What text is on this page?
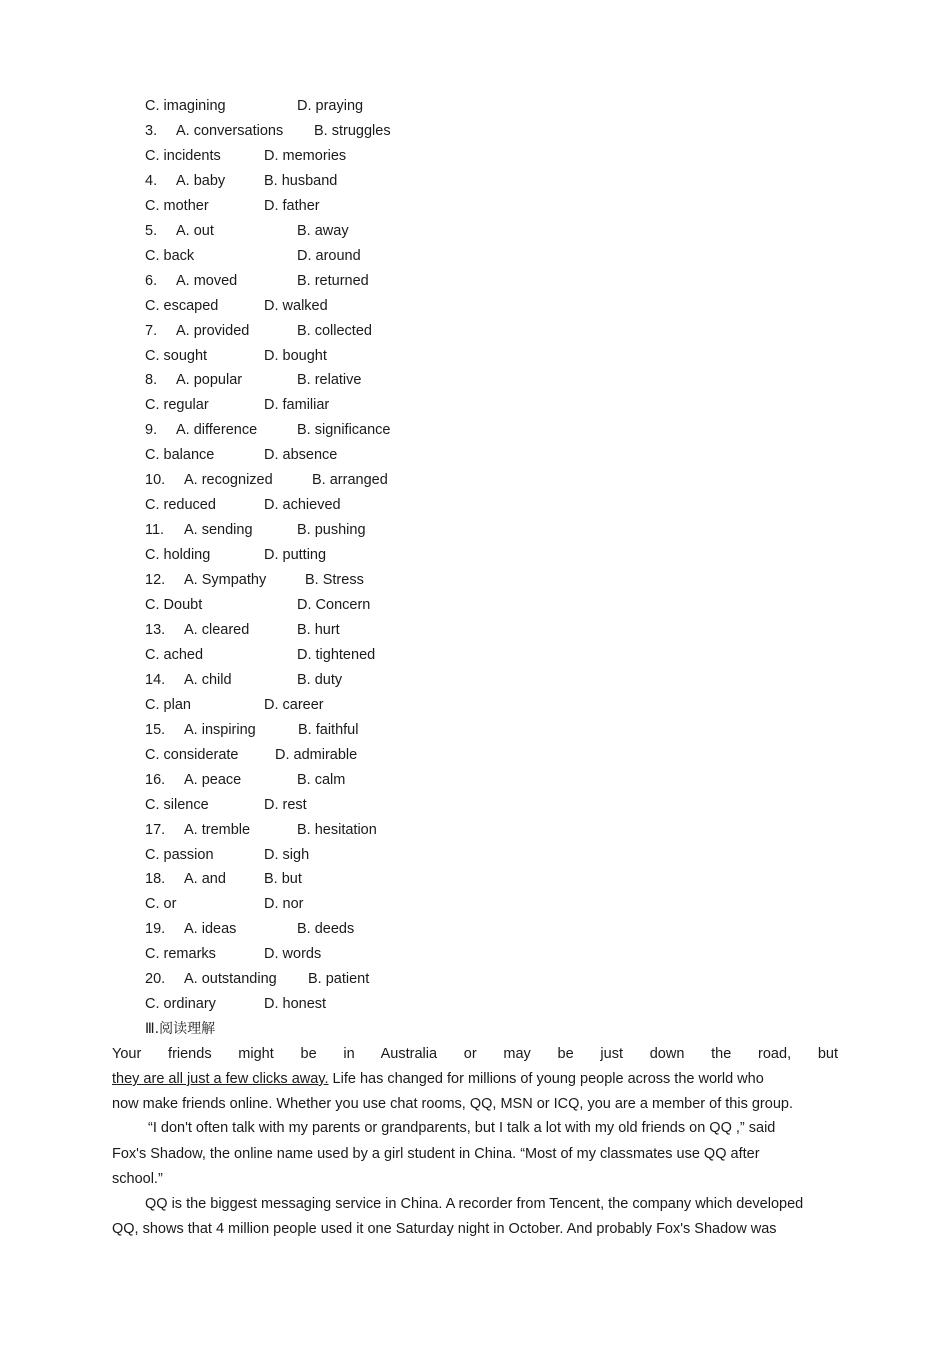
C. imagining	D. praying
3. A. conversations B. struggles
C. incidents	D. memories
4. A. baby	B. husband
C. mother	D. father
5. A. out	B. away
C. back	D. around
6. A. moved	B. returned
C. escaped	D. walked
7. A. provided	B. collected
C. sought	D. bought
8. A. popular	B. relative
C. regular	D. familiar
9. A. difference	B. significance
C. balance	D. absence
10. A. recognized	B. arranged
C. reduced	D. achieved
11. A. sending	B. pushing
C. holding	D. putting
12. A. Sympathy	B. Stress
C. Doubt	D. Concern
13. A. cleared	B. hurt
C. ached	D. tightened
14. A. child	B. duty
C. plan	D. career
15. A. inspiring	B. faithful
C. considerate	D. admirable
16. A. peace	B. calm
C. silence	D. rest
17. A. tremble	B. hesitation
C. passion	D. sigh
18. A. and	B. but
C. or	D. nor
19. A. ideas	B. deeds
C. remarks	D. words
20. A. outstanding B. patient
C. ordinary	D. honest
Ⅲ.阅读理解
Your friends might be in Australia or may be just down the road, but
they are all just a few clicks away. Life has changed for millions of young people across the world who
now make friends online. Whether you use chat rooms, QQ, MSN or ICQ, you are a member of this group.
“I don't often talk with my parents or grandparents, but I talk a lot with my old friends on QQ ,” said
Fox's Shadow, the online name used by a girl student in China. “Most of my classmates use QQ after
school.”
QQ is the biggest messaging service in China. A recorder from Tencent, the company which developed
QQ, shows that 4 million people used it one Saturday night in October. And probably Fox's Shadow was
